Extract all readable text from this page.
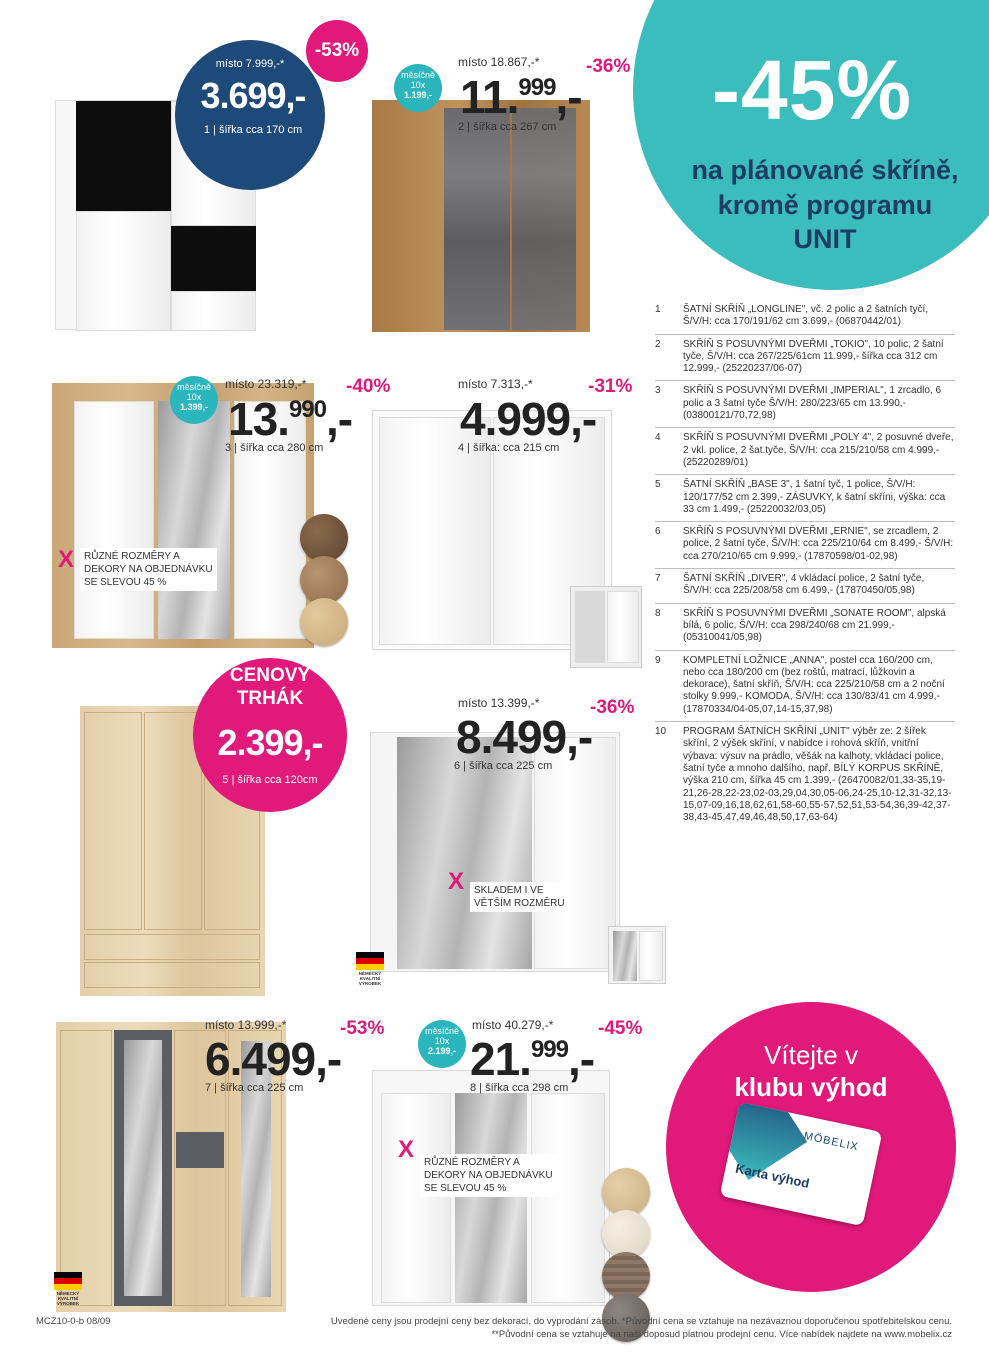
-45%
na plánované skříně,
kromě programu
UNIT
místo 7.999,-*
3.699,-
1 | šířka cca 170 cm
-53%
měsíčně
10x
1.199,-
místo 18.867,-*
11.$^{999}$,-
-36%
2 | šířka cca 267 cm
měsíčně
10x
1.399,-
místo 23.319,-*
13.$^{990}$,-
-40%
3 | šířka cca 280 cm
X RŮZNÉ ROZMĚRY A
DEKORY NA OBJEDNÁVKU
SE SLEVOU 45 %
místo 7.313,-*
4.999,-
-31%
4 | šířka: cca 215 cm
CENOVÝ
TRHÁK
2.399,-
5 | šířka cca 120cm
místo 13.399,-*
8.499,-
-36%
6 | šířka cca 225 cm
X SKLADEM I VE
VĚTŠÍM ROZMĚRU
NĚMECKÝ
KVALITNÍ
VÝROBEK
místo 13.999,-*
6.499,-
-53%
7 | šířka cca 225 cm
NĚMECKÝ
KVALITNÍ
VÝROBEK
měsíčně
10x
2.199,-
místo 40.279,-*
21.$^{999}$,-
-45%
8 | šířka cca 298 cm
X RŮZNÉ ROZMĚRY A
DEKORY NA OBJEDNÁVKU
SE SLEVOU 45 %
1	ŠATNÍ SKŘÍŇ „LONGLINE", vč. 2 polic a 2 šatních tyčí, Š/V/H: cca 170/191/62 cm 3.699,- (06870442/01)
2	SKŘÍŇ S POSUVNÝMI DVEŘMI „TOKIO", 10 polic, 2 šatní tyče, Š/V/H: cca 267/225/61cm 11.999,- šířka cca 312 cm 12.999,- (25220237/06-07)
3	SKŘÍŇ S POSUVNÝMI DVEŘMI „IMPERIAL", 1 zrcadlo, 6 polic a 3 šatní tyče Š/V/H: 280/223/65 cm 13.990,- (03800121/70,72,98)
4	SKŘÍŇ S POSUVNÝMI DVEŘMI „POLY 4", 2 posuvné dveře, 2 vkl. police, 2 šat.tyče, Š/V/H: cca 215/210/58 cm 4.999,- (25220289/01)
5	ŠATNÍ SKŘÍŇ „BASE 3", 1 šatní tyč, 1 police, Š/V/H: 120/177/52 cm 2.399,- ZÁSUVKY, k šatní skříni, výška: cca 33 cm 1.499,- (25220032/03,05)
6	SKŘÍŇ S POSUVNÝMI DVEŘMI „ERNIE", se zrcadlem, 2 police, 2 šatní tyče, Š/V/H: cca 225/210/64 cm 8.499,- Š/V/H: cca 270/210/65 cm 9.999,- (17870598/01-02,98)
7	ŠATNÍ SKŘÍŇ „DIVER", 4 vkládací police, 2 šatní tyče, Š/V/H: cca 225/208/58 cm 6.499,- (17870450/05,98)
8	SKŘÍŇ S POSUVNÝMI DVEŘMI „SONATE ROOM", alpská bílá, 6 polic, Š/V/H: cca 298/240/68 cm 21.999,- (05310041/05,98)
9	KOMPLETNÍ LOŽNICE „ANNA", postel cca 160/200 cm, nebo cca 180/200 cm (bez roštů, matrací, lůžkovin a dekorace), šatní skříň, Š/V/H: cca 225/210/58 cm a 2 noční stolky 9.999,- KOMODA, Š/V/H: cca 130/83/41 cm 4.999,- (17870334/04-05,07,14-15,37,98)
10	PROGRAM ŠATNÍCH SKŘÍNÍ „UNIT" výběr ze: 2 šířek skříní, 2 výšek skříní, v nabídce i rohová skříň, vnitřní výbava: výsuv na prádlo, věšák na kalhoty, vkládací police, šatní tyče a mnoho dalšího, např. BÍLÝ KORPUS SKŘÍNĚ, výška 210 cm, šířka 45 cm 1.399,- (26470082/01,33-35,19-21,26-28,22-23,02-03,29,04,30,05-06,24-25,10-12,31-32,13-15,07-09,16,18,62,61,58-60,55-57,52,51,53-54,36,39-42,37-38,43-45,47,49,46,48,50,17,63-64)
Vítejte v
klubu výhod
MÖBELIX
Karta výhod
MCZ10-0-b 08/09	Uvedené ceny jsou prodejní ceny bez dekorací, do vyprodání zásob. *Původní cena se vztahuje na nezávaznou doporučenou spotřebitelskou cenu.
**Původní cena se vztahuje na naši doposud platnou prodejní cenu. Více nabídek najdete na www.mobelix.cz
